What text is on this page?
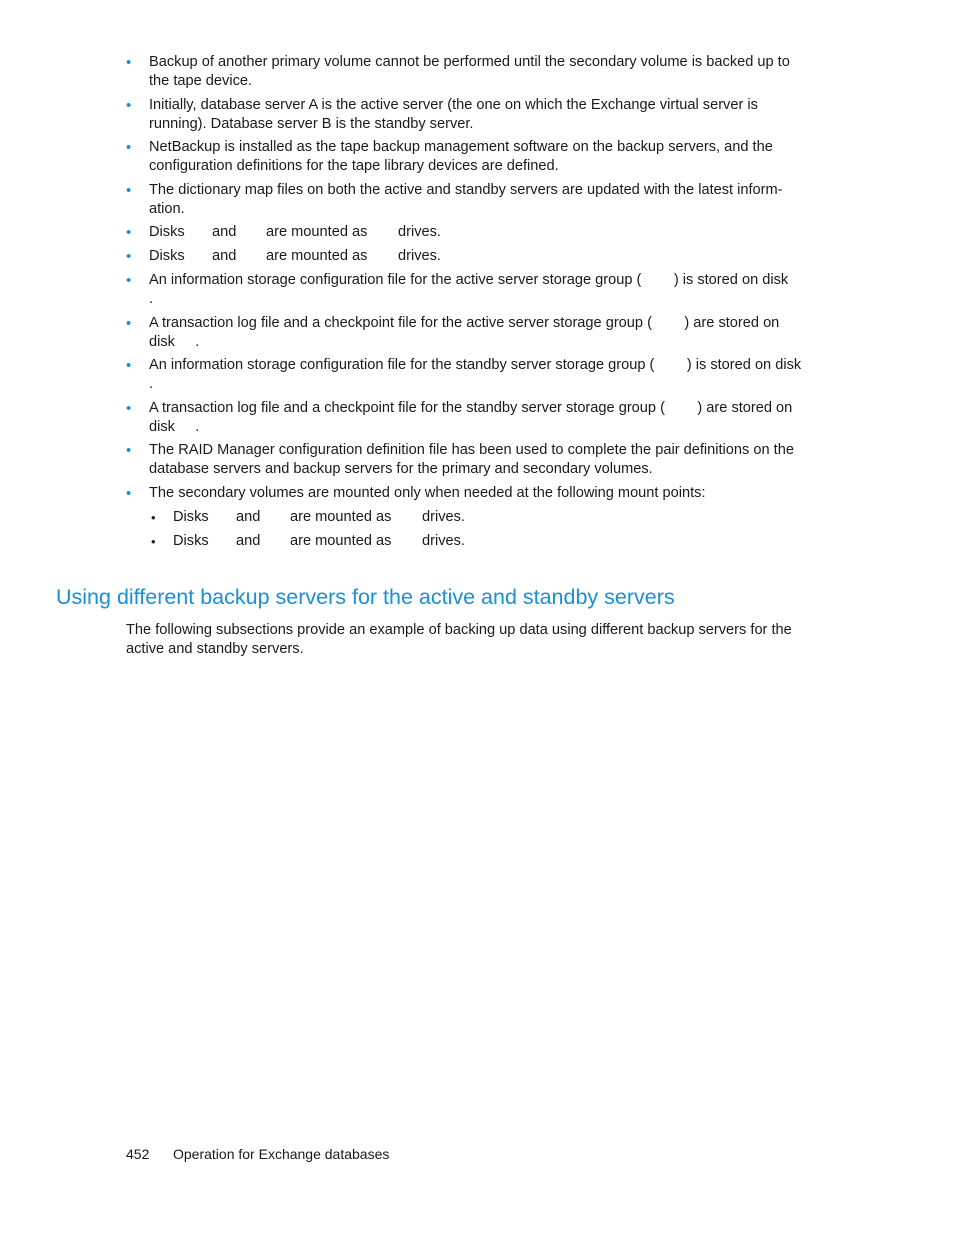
• Backup of another primary volume cannot be performed until the secondary volume is backed up to the tape device.
• Initially, database server A is the active server (the one on which the Exchange virtual server is running). Database server B is the standby server.
• NetBackup is installed as the tape backup management software on the backup servers, and the configuration definitions for the tape library devices are defined.
• The dictionary map files on both the active and standby servers are updated with the latest inform-ation.
• Disks and are mounted as drives.
• Disks and are mounted as drives.
• An information storage configuration file for the active server storage group (        ) is stored on disk     .
• A transaction log file and a checkpoint file for the active server storage group (        ) are stored on disk     .
• An information storage configuration file for the standby server storage group (        ) is stored on disk     .
• A transaction log file and a checkpoint file for the standby server storage group (        ) are stored on disk     .
• The RAID Manager configuration definition file has been used to complete the pair definitions on the database servers and backup servers for the primary and secondary volumes.
• The secondary volumes are mounted only when needed at the following mount points:
• Disks and are mounted as drives.
• Disks and are mounted as drives.
Using different backup servers for the active and standby servers

The following subsections provide an example of backing up data using different backup servers for the active and standby servers.

452 Operation for Exchange databases
